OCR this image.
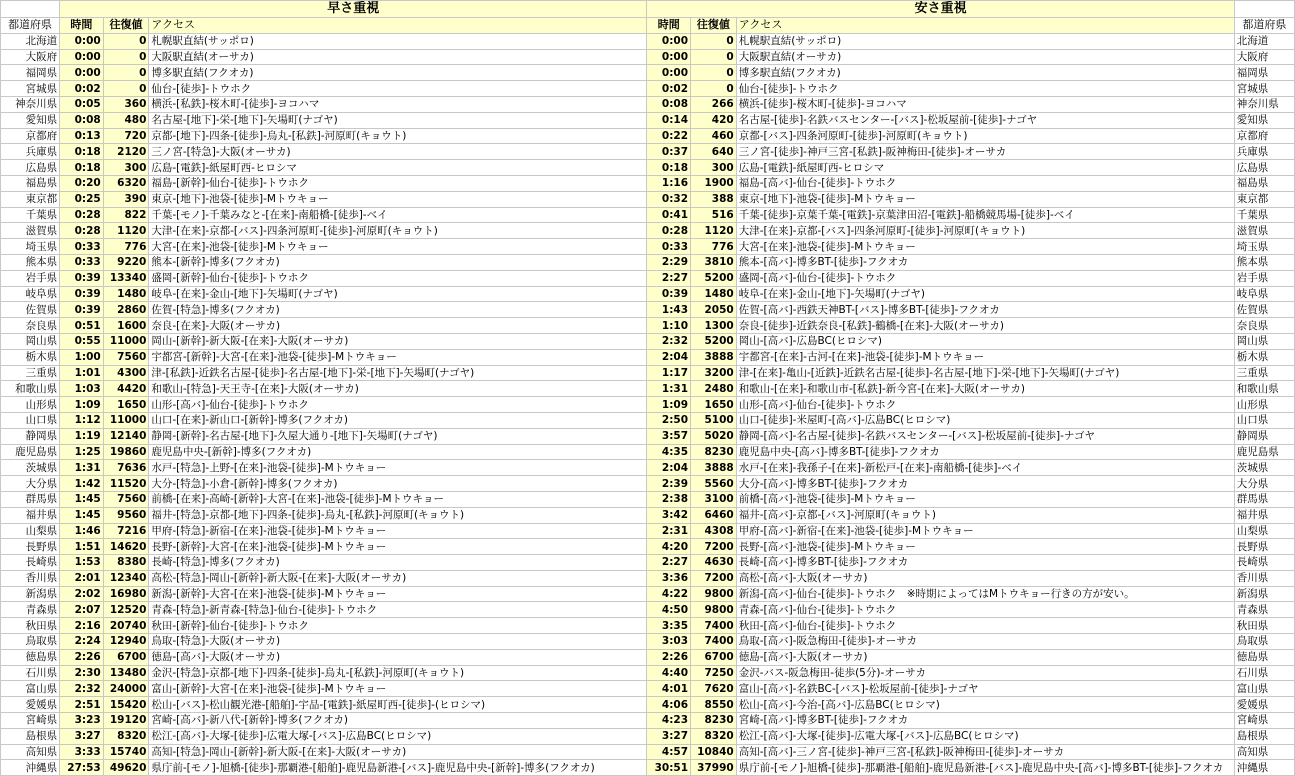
	早さ重視			安さ重視			
都道府県	時間	往復値	アクセス	時間	往復値	アクセス	都道府県
北海道	0:00	0	札幌駅直結(サッポロ)	0:00	0	札幌駅直結(サッポロ)	北海道
大阪府	0:00	0	大阪駅直結(オーサカ)	0:00	0	大阪駅直結(オーサカ)	大阪府
福岡県	0:00	0	博多駅直結(フクオカ)	0:00	0	博多駅直結(フクオカ)	福岡県
宮城県	0:02	0	仙台-[徒歩]-トウホク	0:02	0	仙台-[徒歩]-トウホク	宮城県
神奈川県	0:05	360	横浜-[私鉄]-桜木町-[徒歩]-ヨコハマ	0:08	266	横浜-[徒歩]-桜木町-[徒歩]-ヨコハマ	神奈川県
愛知県	0:08	480	名古屋-[地下]-栄-[地下]-矢場町(ナゴヤ)	0:14	420	名古屋-[徒歩]-名鉄バスセンター-[バス]-松坂屋前-[徒歩]-ナゴヤ	愛知県
京都府	0:13	720	京都-[地下]-四条-[徒歩]-烏丸-[私鉄]-河原町(キョウト)	0:22	460	京都-[バス]-四条河原町-[徒歩]-河原町(キョウト)	京都府
兵庫県	0:18	2120	三ノ宮-[特急]-大阪(オーサカ)	0:37	640	三ノ宮-[徒歩]-神戸三宮-[私鉄]-阪神梅田-[徒歩]-オーサカ	兵庫県
広島県	0:18	300	広島-[電鉄]-紙屋町西-ヒロシマ	0:18	300	広島-[電鉄]-紙屋町西-ヒロシマ	広島県
福島県	0:20	6320	福島-[新幹]-仙台-[徒歩]-トウホク	1:16	1900	福島-[高バ]-仙台-[徒歩]-トウホク	福島県
東京都	0:25	390	東京-[地下]-池袋-[徒歩]-Mトウキョー	0:32	388	東京-[地下]-池袋-[徒歩]-Mトウキョー	東京都
千葉県	0:28	822	千葉-[モノ]-千葉みなと-[在来]-南船橋-[徒歩]-ベイ	0:41	516	千葉-[徒歩]-京葉千葉-[電鉄]-京葉津田沼-[電鉄]-船橋競馬場-[徒歩]-ベイ	千葉県
滋賀県	0:28	1120	大津-[在来]-京都-[バス]-四条河原町-[徒歩]-河原町(キョウト)	0:28	1120	大津-[在来]-京都-[バス]-四条河原町-[徒歩]-河原町(キョウト)	滋賀県
埼玉県	0:33	776	大宮-[在来]-池袋-[徒歩]-Mトウキョー	0:33	776	大宮-[在来]-池袋-[徒歩]-Mトウキョー	埼玉県
熊本県	0:33	9220	熊本-[新幹]-博多(フクオカ)	2:29	3810	熊本-[高バ]-博多BT-[徒歩]-フクオカ	熊本県
岩手県	0:39	13340	盛岡-[新幹]-仙台-[徒歩]-トウホク	2:27	5200	盛岡-[高バ]-仙台-[徒歩]-トウホク	岩手県
岐阜県	0:39	1480	岐阜-[在来]-金山-[地下]-矢場町(ナゴヤ)	0:39	1480	岐阜-[在来]-金山-[地下]-矢場町(ナゴヤ)	岐阜県
佐賀県	0:39	2860	佐賀-[特急]-博多(フクオカ)	1:43	2050	佐賀-[高バ]-西鉄天神BT-[バス]-博多BT-[徒歩]-フクオカ	佐賀県
奈良県	0:51	1600	奈良-[在来]-大阪(オーサカ)	1:10	1300	奈良-[徒歩]-近鉄奈良-[私鉄]-鶴橋-[在来]-大阪(オーサカ)	奈良県
岡山県	0:55	11000	岡山-[新幹]-新大阪-[在来]-大阪(オーサカ)	2:32	5200	岡山-[高バ]-広島BC(ヒロシマ)	岡山県
栃木県	1:00	7560	宇都宮-[新幹]-大宮-[在来]-池袋-[徒歩]-Mトウキョー	2:04	3888	宇都宮-[在来]-古河-[在来]-池袋-[徒歩]-Mトウキョー	栃木県
三重県	1:01	4300	津-[私鉄]-近鉄名古屋-[徒歩]-名古屋-[地下]-栄-[地下]-矢場町(ナゴヤ)	1:17	3200	津-[在来]-亀山-[近鉄]-近鉄名古屋-[徒歩]-名古屋-[地下]-栄-[地下]-矢場町(ナゴヤ)	三重県
和歌山県	1:03	4420	和歌山-[特急]-天王寺-[在来]-大阪(オーサカ)	1:31	2480	和歌山-[在来]-和歌山市-[私鉄]-新今宮-[在来]-大阪(オーサカ)	和歌山県
山形県	1:09	1650	山形-[高バ]-仙台-[徒歩]-トウホク	1:09	1650	山形-[高バ]-仙台-[徒歩]-トウホク	山形県
山口県	1:12	11000	山口-[在来]-新山口-[新幹]-博多(フクオカ)	2:50	5100	山口-[徒歩]-米屋町-[高バ]-広島BC(ヒロシマ)	山口県
静岡県	1:19	12140	静岡-[新幹]-名古屋-[地下]-久屋大通り-[地下]-矢場町(ナゴヤ)	3:57	5020	静岡-[高バ]-名古屋-[徒歩]-名鉄バスセンター-[バス]-松坂屋前-[徒歩]-ナゴヤ	静岡県
鹿児島県	1:25	19860	鹿児島中央-[新幹]-博多(フクオカ)	4:35	8230	鹿児島中央-[高バ]-博多BT-[徒歩]-フクオカ	鹿児島県
茨城県	1:31	7636	水戸-[特急]-上野-[在来]-池袋-[徒歩]-Mトウキョー	2:04	3888	水戸-[在来]-我孫子-[在来]-新松戸-[在来]-南船橋-[徒歩]-ベイ	茨城県
大分県	1:42	11520	大分-[特急]-小倉-[新幹]-博多(フクオカ)	2:39	5560	大分-[高バ]-博多BT-[徒歩]-フクオカ	大分県
群馬県	1:45	7560	前橋-[在来]-高崎-[新幹]-大宮-[在来]-池袋-[徒歩]-Mトウキョー	2:38	3100	前橋-[高バ]-池袋-[徒歩]-Mトウキョー	群馬県
福井県	1:45	9560	福井-[特急]-京都-[地下]-四条-[徒歩]-烏丸-[私鉄]-河原町(キョウト)	3:42	6460	福井-[高バ]-京都-[バス]-河原町(キョウト)	福井県
山梨県	1:46	7216	甲府-[特急]-新宿-[在来]-池袋-[徒歩]-Mトウキョー	2:31	4308	甲府-[高バ]-新宿-[在来]-池袋-[徒歩]-Mトウキョー	山梨県
長野県	1:51	14620	長野-[新幹]-大宮-[在来]-池袋-[徒歩]-Mトウキョー	4:20	7200	長野-[高バ]-池袋-[徒歩]-Mトウキョー	長野県
長崎県	1:53	8380	長崎-[特急]-博多(フクオカ)	2:27	4630	長崎-[高バ]-博多BT-[徒歩]-フクオカ	長崎県
香川県	2:01	12340	高松-[特急]-岡山-[新幹]-新大阪-[在来]-大阪(オーサカ)	3:36	7200	高松-[高バ]-大阪(オーサカ)	香川県
新潟県	2:02	16980	新潟-[新幹]-大宮-[在来]-池袋-[徒歩]-Mトウキョー	4:22	9800	新潟-[高バ]-仙台-[徒歩]-トウホク　※時期によってはMトウキョー行きの方が安い。	新潟県
青森県	2:07	12520	青森-[特急]-新青森-[特急]-仙台-[徒歩]-トウホク	4:50	9800	青森-[高バ]-仙台-[徒歩]-トウホク	青森県
秋田県	2:16	20740	秋田-[新幹]-仙台-[徒歩]-トウホク	3:35	7400	秋田-[高バ]-仙台-[徒歩]-トウホク	秋田県
鳥取県	2:24	12940	鳥取-[特急]-大阪(オーサカ)	3:03	7400	鳥取-[高バ]-阪急梅田-[徒歩]-オーサカ	鳥取県
徳島県	2:26	6700	徳島-[高バ]-大阪(オーサカ)	2:26	6700	徳島-[高バ]-大阪(オーサカ)	徳島県
石川県	2:30	13480	金沢-[特急]-京都-[地下]-四条-[徒歩]-烏丸-[私鉄]-河原町(キョウト)	4:40	7250	金沢-バス-阪急梅田-徒歩(5分)-オーサカ	石川県
富山県	2:32	24000	富山-[新幹]-大宮-[在来]-池袋-[徒歩]-Mトウキョー	4:01	7620	富山-[高バ]-名鉄BC-[バス]-松坂屋前-[徒歩]-ナゴヤ	富山県
愛媛県	2:51	15420	松山-[バス]-松山観光港-[船舶]-宇品-[電鉄]-紙屋町西-[徒歩]-(ヒロシマ)	4:06	8550	松山-[高バ]-今治-[高バ]-広島BC(ヒロシマ)	愛媛県
宮崎県	3:23	19120	宮崎-[高バ]-新八代-[新幹]-博多(フクオカ)	4:23	8230	宮崎-[高バ]-博多BT-[徒歩]-フクオカ	宮崎県
島根県	3:27	8320	松江-[高バ]-大塚-[徒歩]-広電大塚-[バス]-広島BC(ヒロシマ)	3:27	8320	松江-[高バ]-大塚-[徒歩]-広電大塚-[バス]-広島BC(ヒロシマ)	島根県
高知県	3:33	15740	高知-[特急]-岡山-[新幹]-新大阪-[在来]-大阪(オーサカ)	4:57	10840	高知-[高バ]-三ノ宮-[徒歩]-神戸三宮-[私鉄]-阪神梅田-[徒歩]-オーサカ	高知県
沖縄県	27:53	49620	県庁前-[モノ]-旭橋-[徒歩]-那覇港-[船舶]-鹿児島新港-[バス]-鹿児島中央-[新幹]-博多(フクオカ)	30:51	37990	県庁前-[モノ]-旭橋-[徒歩]-那覇港-[船舶]-鹿児島新港-[バス]-鹿児島中央-[高バ]-博多BT-[徒歩]-フクオカ	沖縄県
